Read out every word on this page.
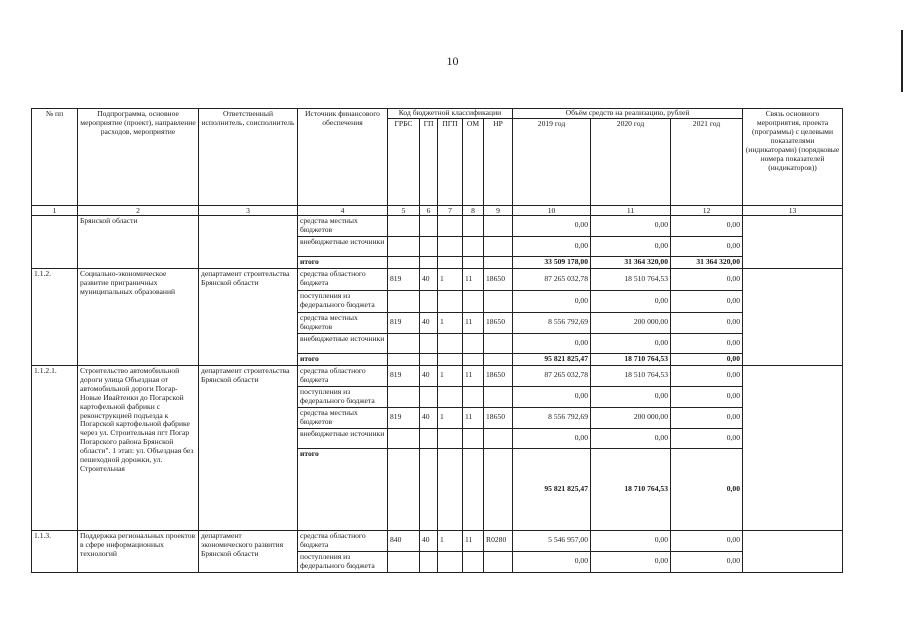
10
№ пп	Подпрограмма, основное мероприятие (проект), направление расходов, мероприятие	Ответственный исполнитель, соисполнитель	Источник финансового обеспечения	Код бюджетной классификации					Объём средств на реализацию, рублей			Связь основного мероприятия, проекта (программы) с целевыми показателями (индикаторами) (порядковые номера показателей (индикаторов))
				ГРБС	ГП	ПГП	ОМ	НР	2019 год	2020 год	2021 год	
1	2	3	4	5	6	7	8	9	10	11	12	13
	Брянской области		средства местных бюджетов						0,00	0,00	0,00	
			внебюджетные источники						0,00	0,00	0,00	
			итого						33 509 178,00	31 364 320,00	31 364 320,00	
1.1.2.	Социально-экономическое развитие приграничных муниципальных образований	департамент строительства Брянской области	средства областного бюджета	819	40	1	11	18650	87 265 032,78	18 510 764,53	0,00	
			поступления из федерального бюджета						0,00	0,00	0,00	
			средства местных бюджетов	819	40	1	11	18650	8 556 792,69	200 000,00	0,00	
			внебюджетные источники						0,00	0,00	0,00	
			итого						95 821 825,47	18 710 764,53	0,00	
1.1.2.1.	Строительство автомобильной дороги улица Объездная от автомобильной дороги Погар-Новые Ивайтенки до Погарской картофельной фабрики с реконструкцией подъезда к Погарской картофельной фабрике через ул. Строительная пгт Погар Погарского района Брянской области". 1 этап: ул. Объездная без пешеходной дорожки, ул. Строительная	департамент строительства Брянской области	средства областного бюджета	819	40	1	11	18650	87 265 032,78	18 510 764,53	0,00	
			поступления из федерального бюджета						0,00	0,00	0,00	
			средства местных бюджетов	819	40	1	11	18650	8 556 792,69	200 000,00	0,00	
			внебюджетные источники						0,00	0,00	0,00	
			итого						95 821 825,47	18 710 764,53	0,00	
1.1.3.	Поддержка региональных проектов в сфере информационных технологий	департамент экономического развития Брянской области	средства областного бюджета	840	40	1	11	R0280	5 546 957,00	0,00	0,00	
			поступления из федерального бюджета						0,00	0,00	0,00	
